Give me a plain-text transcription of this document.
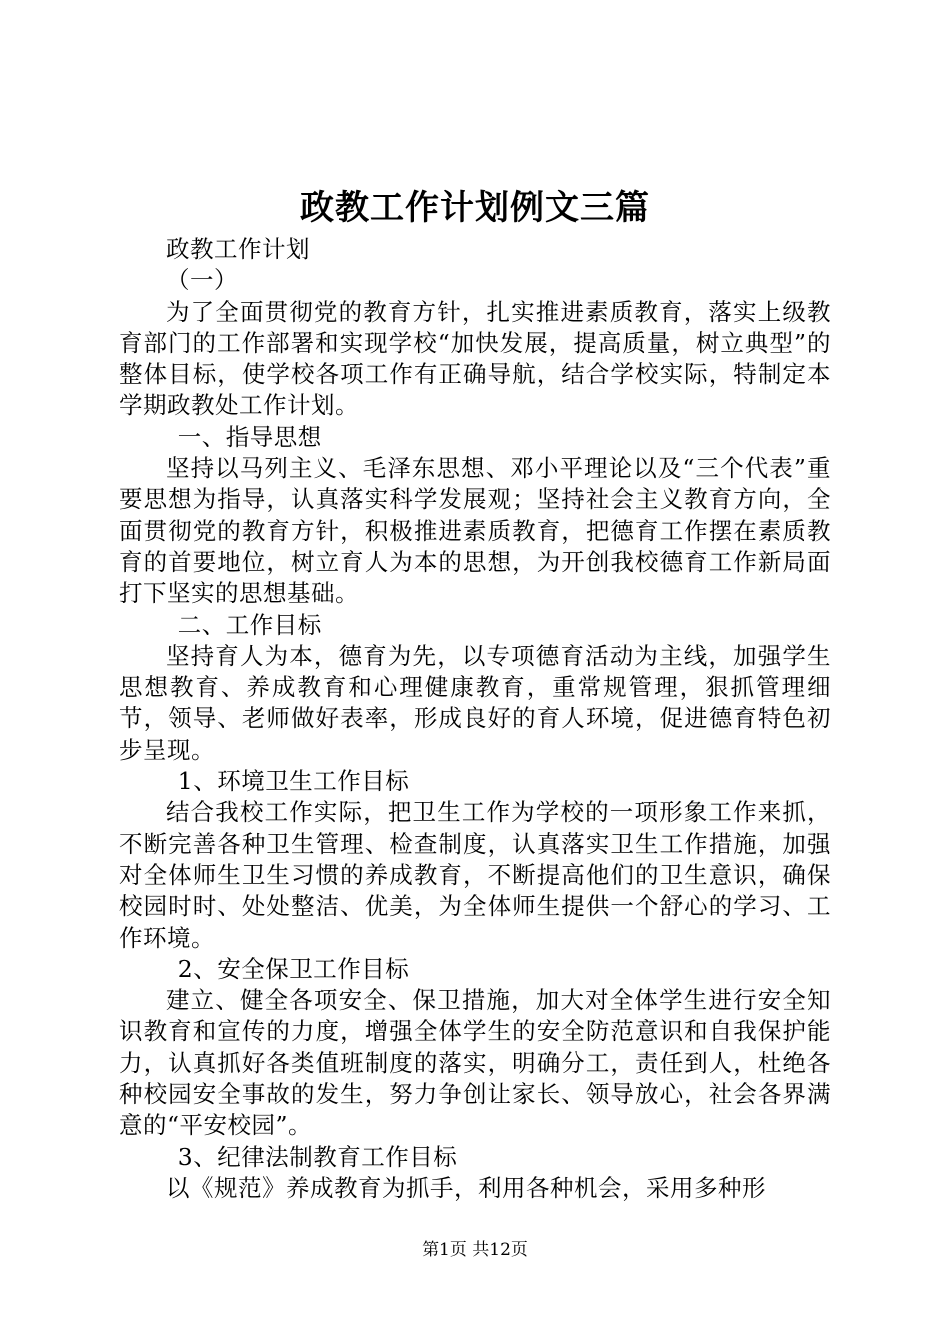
政教工作计划例文三篇

政教工作计划

（一）

为了全面贯彻党的教育方针，扎实推进素质教育，落实上级教育部门的工作部署和实现学校“加快发展，提高质量，树立典型”的整体目标，使学校各项工作有正确导航，结合学校实际，特制定本学期政教处工作计划。

一、指导思想

坚持以马列主义、毛泽东思想、邓小平理论以及“三个代表”重要思想为指导，认真落实科学发展观；坚持社会主义教育方向，全面贯彻党的教育方针，积极推进素质教育，把德育工作摆在素质教育的首要地位，树立育人为本的思想，为开创我校德育工作新局面打下坚实的思想基础。

二、工作目标

坚持育人为本，德育为先，以专项德育活动为主线，加强学生思想教育、养成教育和心理健康教育，重常规管理，狠抓管理细节，领导、老师做好表率，形成良好的育人环境，促进德育特色初步呈现。

1、环境卫生工作目标

结合我校工作实际，把卫生工作为学校的一项形象工作来抓，不断完善各种卫生管理、检查制度，认真落实卫生工作措施，加强对全体师生卫生习惯的养成教育，不断提高他们的卫生意识，确保校园时时、处处整洁、优美，为全体师生提供一个舒心的学习、工作环境。

2、安全保卫工作目标

建立、健全各项安全、保卫措施，加大对全体学生进行安全知识教育和宣传的力度，增强全体学生的安全防范意识和自我保护能力，认真抓好各类值班制度的落实，明确分工，责任到人，杜绝各种校园安全事故的发生，努力争创让家长、领导放心，社会各界满意的“平安校园”。

3、纪律法制教育工作目标

以《规范》养成教育为抓手，利用各种机会，采用多种形

第1页 共12页
